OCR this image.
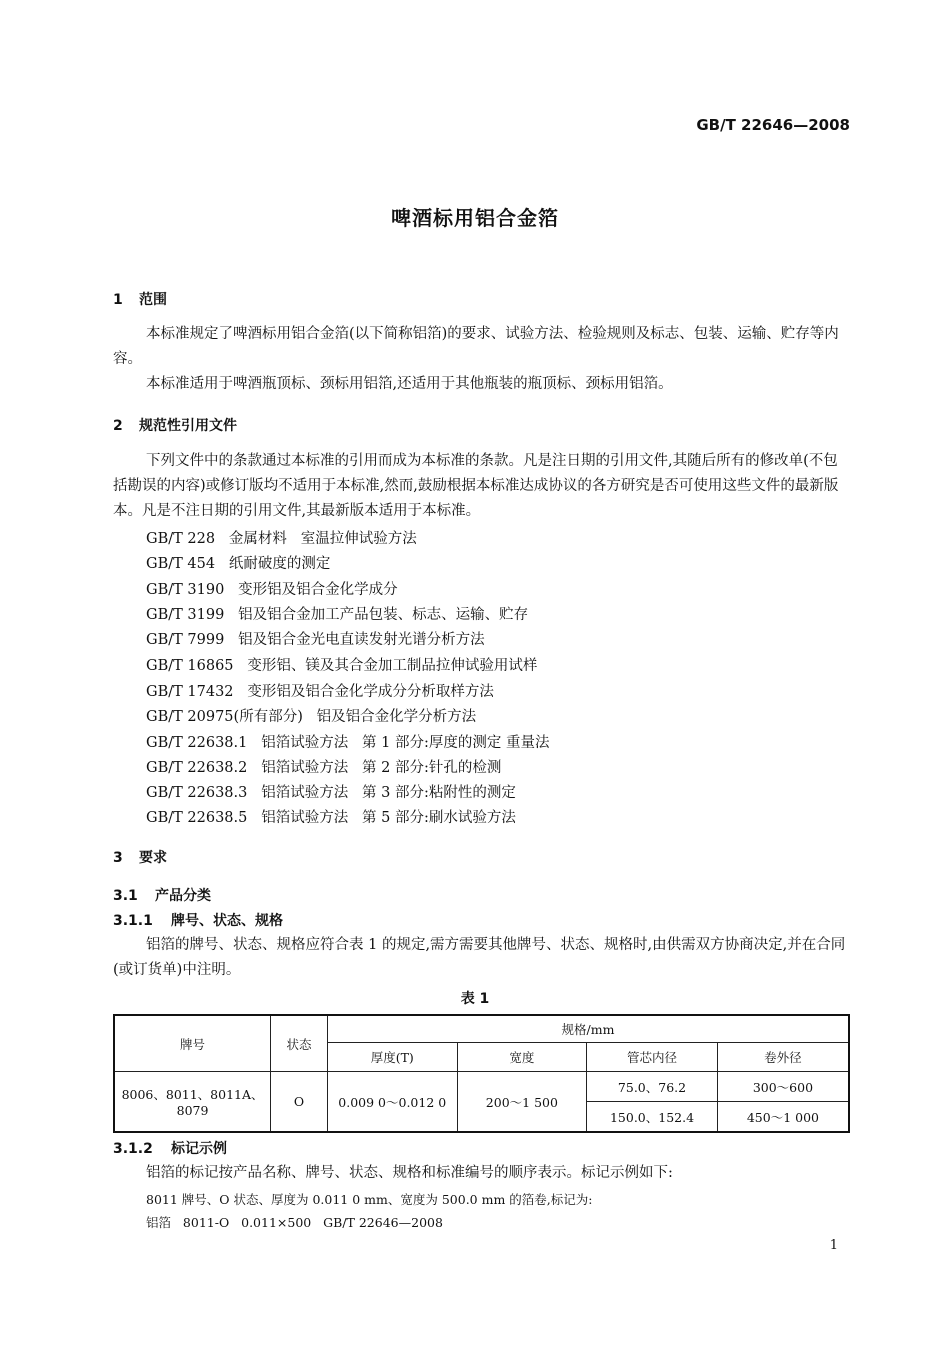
GB/T 22646—2008
啤酒标用铝合金箔
1 范围

本标准规定了啤酒标用铝合金箔(以下简称铝箔)的要求、试验方法、检验规则及标志、包装、运输、贮存等内容。

本标准适用于啤酒瓶顶标、颈标用铝箔,还适用于其他瓶装的瓶顶标、颈标用铝箔。

2 规范性引用文件

下列文件中的条款通过本标准的引用而成为本标准的条款。凡是注日期的引用文件,其随后所有的修改单(不包括勘误的内容)或修订版均不适用于本标准,然而,鼓励根据本标准达成协议的各方研究是否可使用这些文件的最新版本。凡是不注日期的引用文件,其最新版本适用于本标准。

GB/T 228   金属材料   室温拉伸试验方法
GB/T 454   纸耐破度的测定
GB/T 3190   变形铝及铝合金化学成分
GB/T 3199   铝及铝合金加工产品包装、标志、运输、贮存
GB/T 7999   铝及铝合金光电直读发射光谱分析方法
GB/T 16865   变形铝、镁及其合金加工制品拉伸试验用试样
GB/T 17432   变形铝及铝合金化学成分分析取样方法
GB/T 20975(所有部分)   铝及铝合金化学分析方法
GB/T 22638.1   铝箔试验方法   第 1 部分:厚度的测定 重量法
GB/T 22638.2   铝箔试验方法   第 2 部分:针孔的检测
GB/T 22638.3   铝箔试验方法   第 3 部分:粘附性的测定
GB/T 22638.5   铝箔试验方法   第 5 部分:刷水试验方法
3 要求
3.1 产品分类
3.1.1 牌号、状态、规格

铝箔的牌号、状态、规格应符合表 1 的规定,需方需要其他牌号、状态、规格时,由供需双方协商决定,并在合同(或订货单)中注明。

表 1
牌号	状态	规格/mm			
		厚度(T)	宽度	管芯内径	卷外径
8006、8011、8011A、8079	O	0.009 0～0.012 0	200～1 500	75.0、76.2	300～600
				150.0、152.4	450～1 000
3.1.2 标记示例

铝箔的标记按产品名称、牌号、状态、规格和标准编号的顺序表示。标记示例如下:

8011 牌号、O 状态、厚度为 0.011 0 mm、宽度为 500.0 mm 的箔卷,标记为:
铝箔   8011-O   0.011×500   GB/T 22646—2008
1
